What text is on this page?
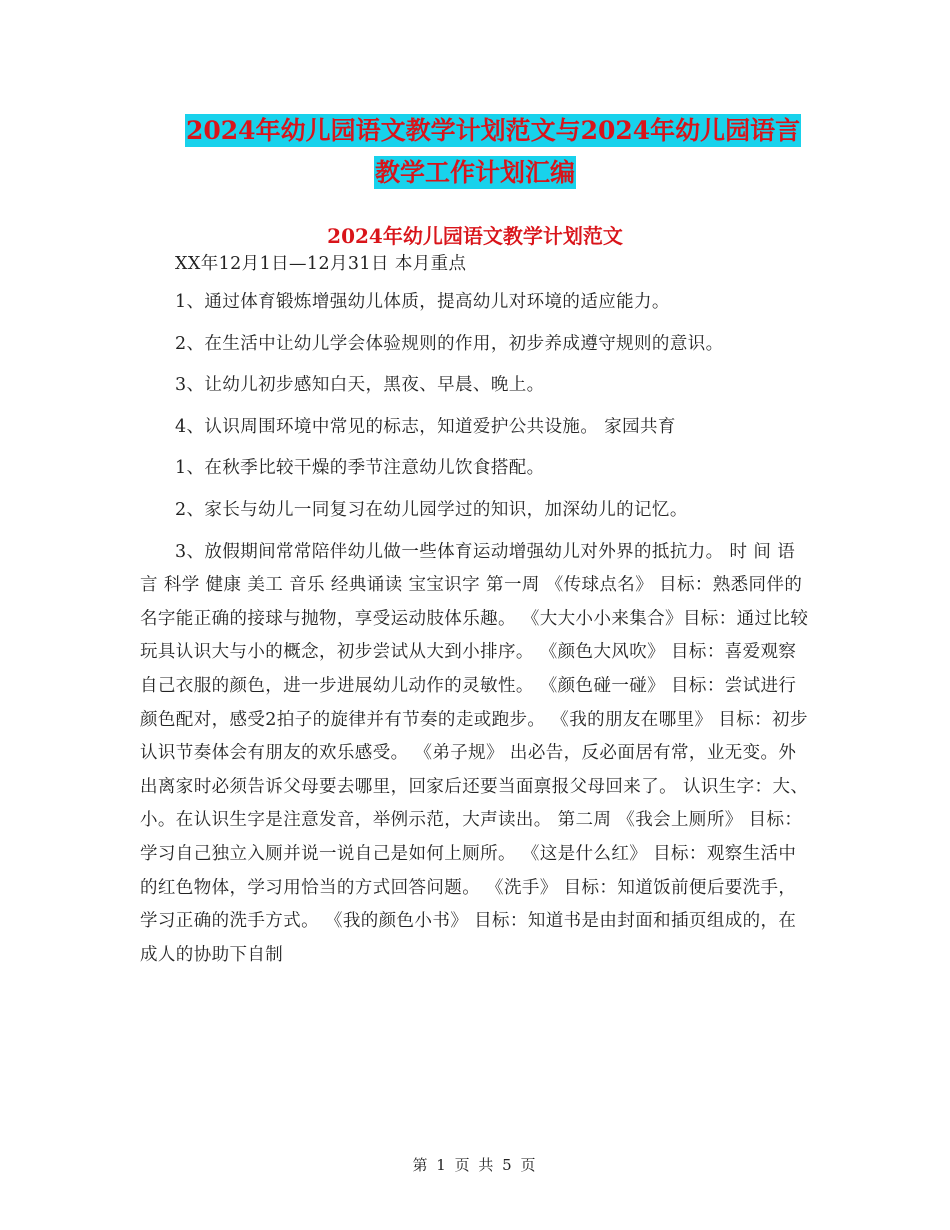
2024年幼儿园语文教学计划范文与2024年幼儿园语言
教学工作计划汇编
2024年幼儿园语文教学计划范文

XX年12月1日—12月31日 本月重点

1、通过体育锻炼增强幼儿体质，提高幼儿对环境的适应能力。

2、在生活中让幼儿学会体验规则的作用，初步养成遵守规则的意识。

3、让幼儿初步感知白天，黑夜、早晨、晚上。

4、认识周围环境中常见的标志，知道爱护公共设施。 家园共育

1、在秋季比较干燥的季节注意幼儿饮食搭配。

2、家长与幼儿一同复习在幼儿园学过的知识，加深幼儿的记忆。

3、放假期间常常陪伴幼儿做一些体育运动增强幼儿对外界的抵抗力。 时 间 语言 科学 健康 美工 音乐 经典诵读 宝宝识字 第一周 《传球点名》 目标：熟悉同伴的名字能正确的接球与抛物，享受运动肢体乐趣。 《大大小小来集合》目标：通过比较玩具认识大与小的概念，初步尝试从大到小排序。 《颜色大风吹》 目标：喜爱观察自己衣服的颜色，进一步进展幼儿动作的灵敏性。 《颜色碰一碰》 目标：尝试进行颜色配对，感受2拍子的旋律并有节奏的走或跑步。 《我的朋友在哪里》 目标：初步认识节奏体会有朋友的欢乐感受。 《弟子规》 出必告，反必面居有常，业无变。外出离家时必须告诉父母要去哪里，回家后还要当面禀报父母回来了。 认识生字：大、小。在认识生字是注意发音，举例示范，大声读出。 第二周 《我会上厕所》 目标：学习自己独立入厕并说一说自己是如何上厕所。 《这是什么红》 目标：观察生活中的红色物体，学习用恰当的方式回答问题。 《洗手》 目标：知道饭前便后要洗手，学习正确的洗手方式。 《我的颜色小书》 目标：知道书是由封面和插页组成的，在成人的协助下自制

第 1 页 共 5 页
